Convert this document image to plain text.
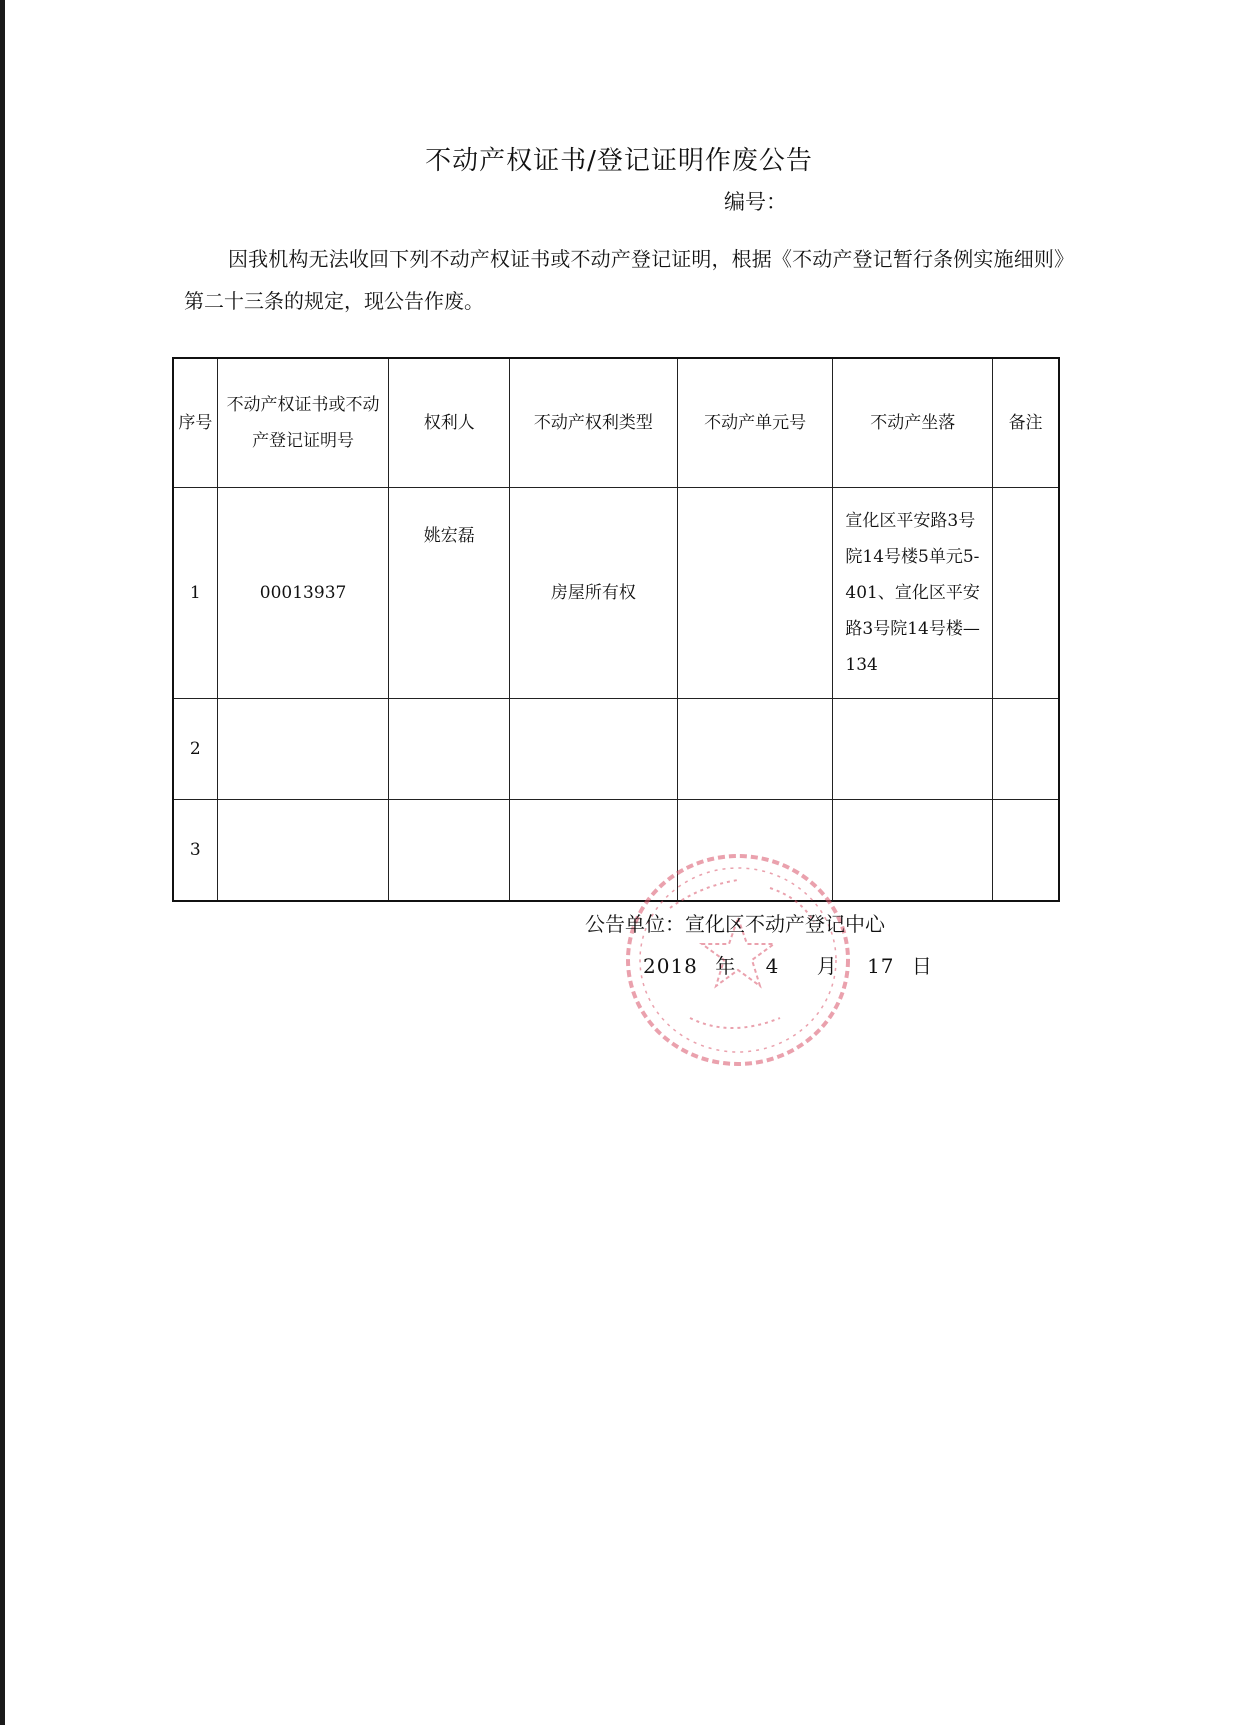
不动产权证书/登记证明作废公告
编号：
因我机构无法收回下列不动产权证书或不动产登记证明，根据《不动产登记暂行条例实施细则》第二十三条的规定，现公告作废。
序号	不动产权证书或不动产登记证明号	权利人	不动产权利类型	不动产单元号	不动产坐落	备注
1	00013937	姚宏磊	房屋所有权		宣化区平安路3号院14号楼5单元5-401、宣化区平安路3号院14号楼—134	
2						
3						
公告单位：宣化区不动产登记中心
2018 年 4 月 17 日
